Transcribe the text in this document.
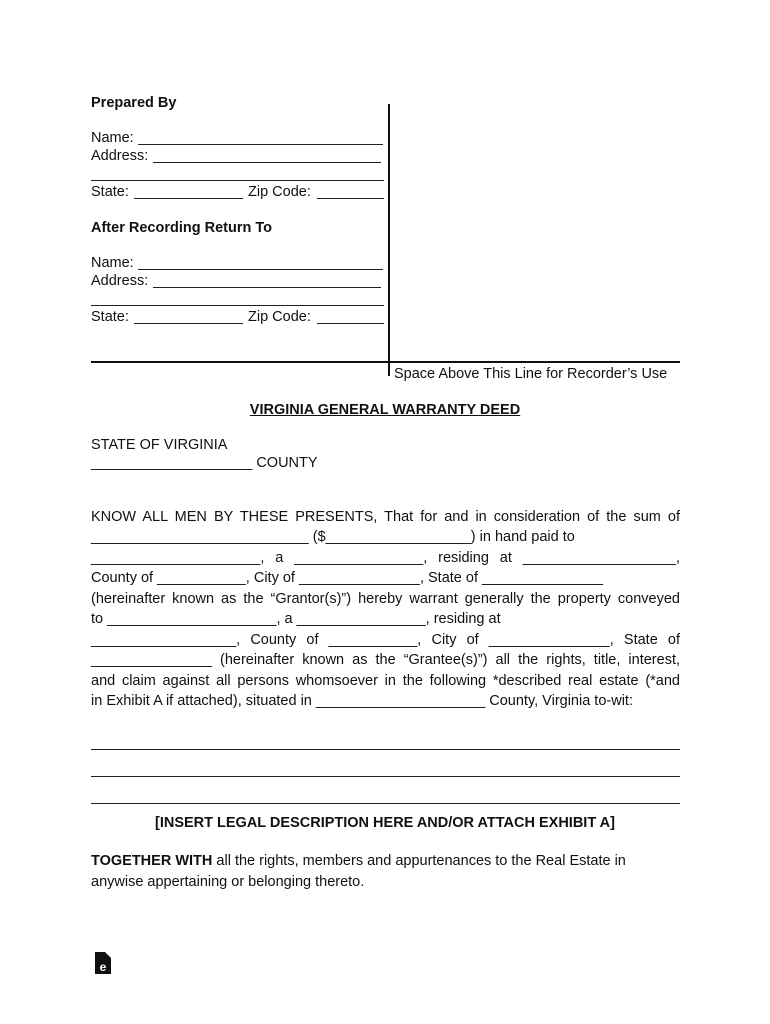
Prepared By
Name:
Address:
State:	Zip Code:
After Recording Return To
Name:
Address:
State:	Zip Code:
Space Above This Line for Recorder’s Use
VIRGINIA GENERAL WARRANTY DEED
STATE OF VIRGINIA
____________________ COUNTY
KNOW ALL MEN BY THESE PRESENTS, That for and in consideration of the sum of
___________________________ ($__________________) in hand paid to
_____________________, a ________________, residing at ___________________,
County of ___________, City of _______________, State of _______________
(hereinafter known as the “Grantor(s)”) hereby warrant generally the property conveyed
to _____________________, a ________________, residing at
__________________, County of ___________, City of _______________, State of
_______________ (hereinafter known as the “Grantee(s)”) all the rights, title, interest,
and claim against all persons whomsoever in the following *described real estate (*and
in Exhibit A if attached), situated in _____________________ County, Virginia to-wit:
[INSERT LEGAL DESCRIPTION HERE AND/OR ATTACH EXHIBIT A]
TOGETHER WITH all the rights, members and appurtenances to the Real Estate in
anywise appertaining or belonging thereto.
e
